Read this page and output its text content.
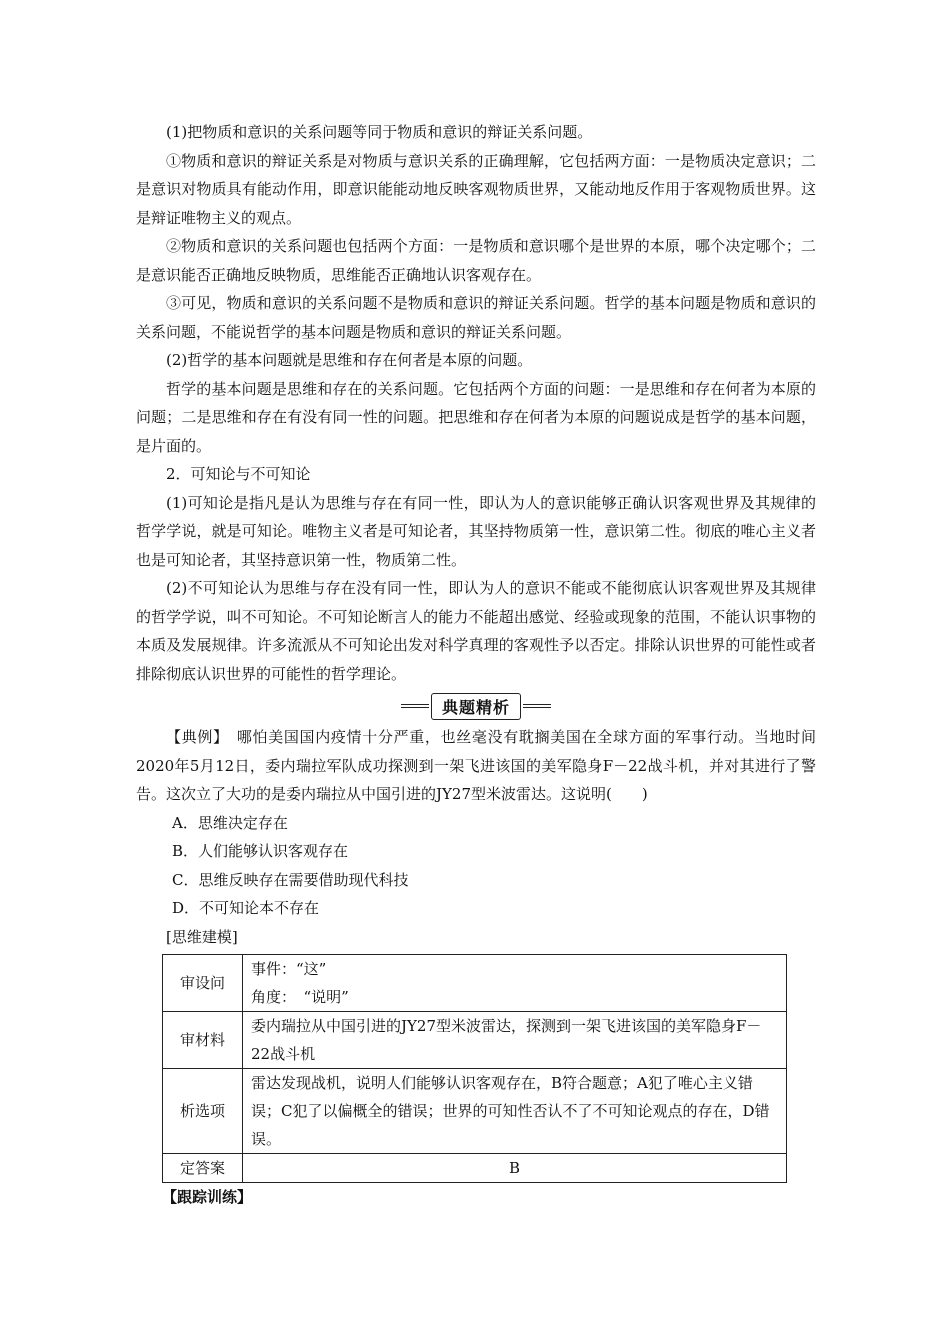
(1)把物质和意识的关系问题等同于物质和意识的辩证关系问题。

①物质和意识的辩证关系是对物质与意识关系的正确理解，它包括两方面：一是物质决定意识；二是意识对物质具有能动作用，即意识能能动地反映客观物质世界，又能动地反作用于客观物质世界。这是辩证唯物主义的观点。

②物质和意识的关系问题也包括两个方面：一是物质和意识哪个是世界的本原，哪个决定哪个；二是意识能否正确地反映物质，思维能否正确地认识客观存在。

③可见，物质和意识的关系问题不是物质和意识的辩证关系问题。哲学的基本问题是物质和意识的关系问题，不能说哲学的基本问题是物质和意识的辩证关系问题。

(2)哲学的基本问题就是思维和存在何者是本原的问题。

哲学的基本问题是思维和存在的关系问题。它包括两个方面的问题：一是思维和存在何者为本原的问题；二是思维和存在有没有同一性的问题。把思维和存在何者为本原的问题说成是哲学的基本问题，是片面的。

2．可知论与不可知论

(1)可知论是指凡是认为思维与存在有同一性，即认为人的意识能够正确认识客观世界及其规律的哲学学说，就是可知论。唯物主义者是可知论者，其坚持物质第一性，意识第二性。彻底的唯心主义者也是可知论者，其坚持意识第一性，物质第二性。

(2)不可知论认为思维与存在没有同一性，即认为人的意识不能或不能彻底认识客观世界及其规律的哲学学说，叫不可知论。不可知论断言人的能力不能超出感觉、经验或现象的范围，不能认识事物的本质及发展规律。许多流派从不可知论出发对科学真理的客观性予以否定。排除认识世界的可能性或者排除彻底认识世界的可能性的哲学理论。

典题精析

【典例】　哪怕美国国内疫情十分严重，也丝毫没有耽搁美国在全球方面的军事行动。当地时间2020年5月12日，委内瑞拉军队成功探测到一架飞进该国的美军隐身F－22战斗机，并对其进行了警告。这次立了大功的是委内瑞拉从中国引进的JY27型米波雷达。这说明(　　)

A．思维决定存在

B．人们能够认识客观存在

C．思维反映存在需要借助现代科技

D．不可知论本不存在

[思维建模]

审设问	事件：“这”
角度：　“说明”

审材料	委内瑞拉从中国引进的JY27型米波雷达，探测到一架飞进该国的美军隐身F－22战斗机
析选项	雷达发现战机，说明人们能够认识客观存在，B符合题意；A犯了唯心主义错误；C犯了以偏概全的错误；世界的可知性否认不了不可知论观点的存在，D错误。
定答案	B

【跟踪训练】
